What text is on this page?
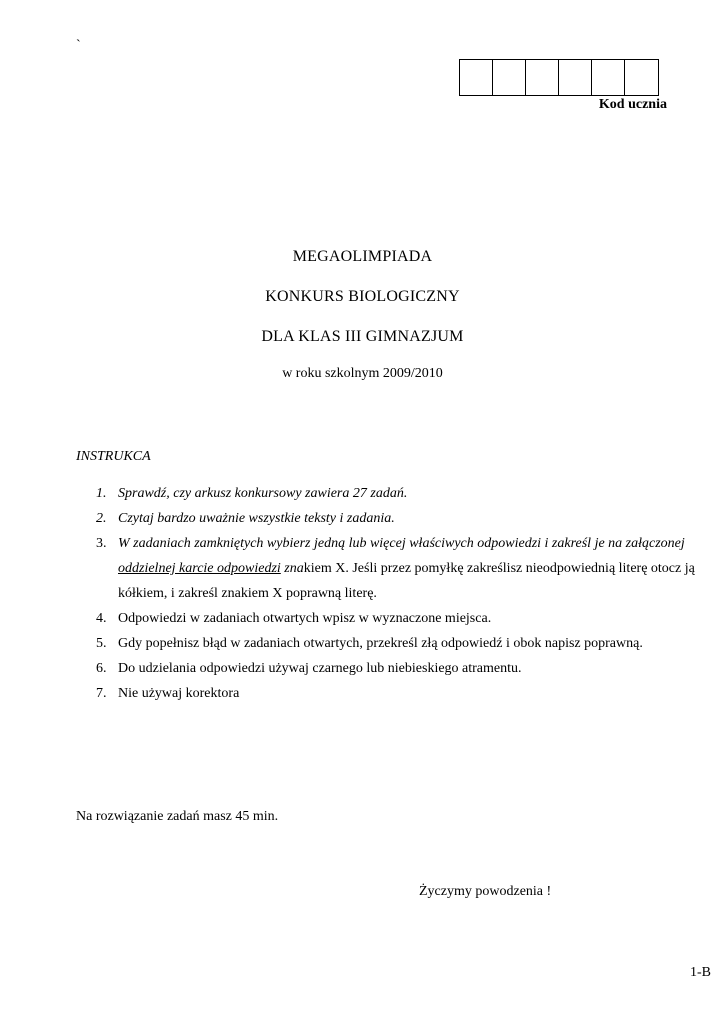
`
Kod ucznia
MEGAOLIMPIADA
KONKURS BIOLOGICZNY
DLA KLAS III GIMNAZJUM
w roku szkolnym 2009/2010
INSTRUKCA
1. Sprawdź, czy arkusz konkursowy zawiera 27 zadań.
2. Czytaj bardzo uważnie wszystkie teksty i zadania.
3. W zadaniach zamkniętych wybierz jedną lub więcej właściwych odpowiedzi i zakreśl je na załączonej oddzielnej karcie odpowiedzi znakiem X. Jeśli przez pomyłkę zakreślisz nieodpowiednią literę otocz ją kółkiem, i zakreśl znakiem X poprawną literę.
4. Odpowiedzi w zadaniach otwartych wpisz w wyznaczone miejsca.
5. Gdy popełnisz błąd w zadaniach otwartych, przekreśl złą odpowiedź i obok napisz poprawną.
6. Do udzielania odpowiedzi używaj czarnego lub niebieskiego atramentu.
7. Nie używaj korektora
Na rozwiązanie zadań masz 45 min.
Życzymy powodzenia !
1-B
